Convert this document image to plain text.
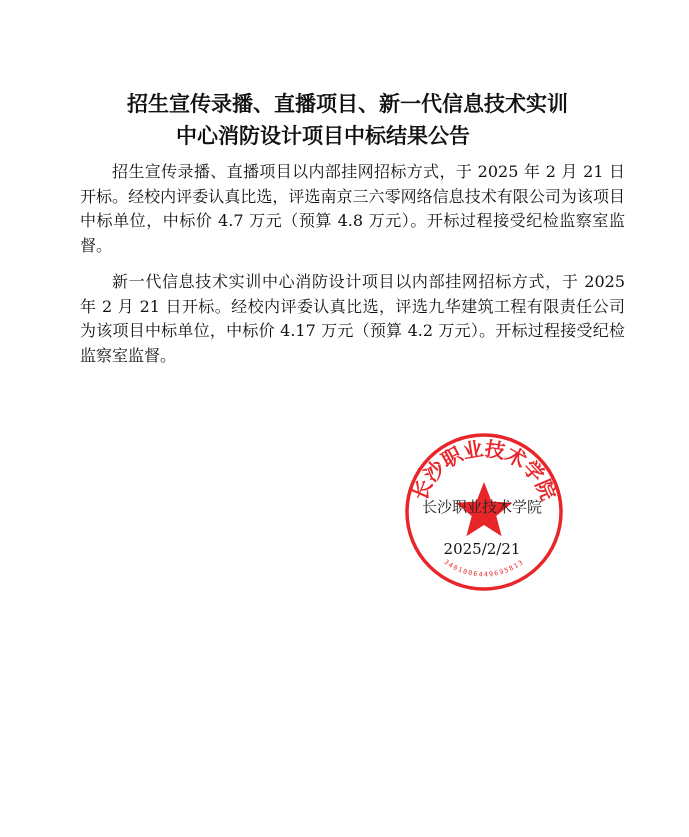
招生宣传录播、直播项目、新一代信息技术实训
中心消防设计项目中标结果公告

招生宣传录播、直播项目以内部挂网招标方式，于 2025 年 2 月 21 日开标。经校内评委认真比选，评选南京三六零网络信息技术有限公司为该项目中标单位，中标价 4.7 万元（预算 4.8 万元）。开标过程接受纪检监察室监督。

新一代信息技术实训中心消防设计项目以内部挂网招标方式，于 2025 年 2 月 21 日开标。经校内评委认真比选，评选九华建筑工程有限责任公司为该项目中标单位，中标价 4.17 万元（预算 4.2 万元）。开标过程接受纪检监察室监督。

长沙职业技术学院
3401006449695813

长沙职业技术学院

2025/2/21
